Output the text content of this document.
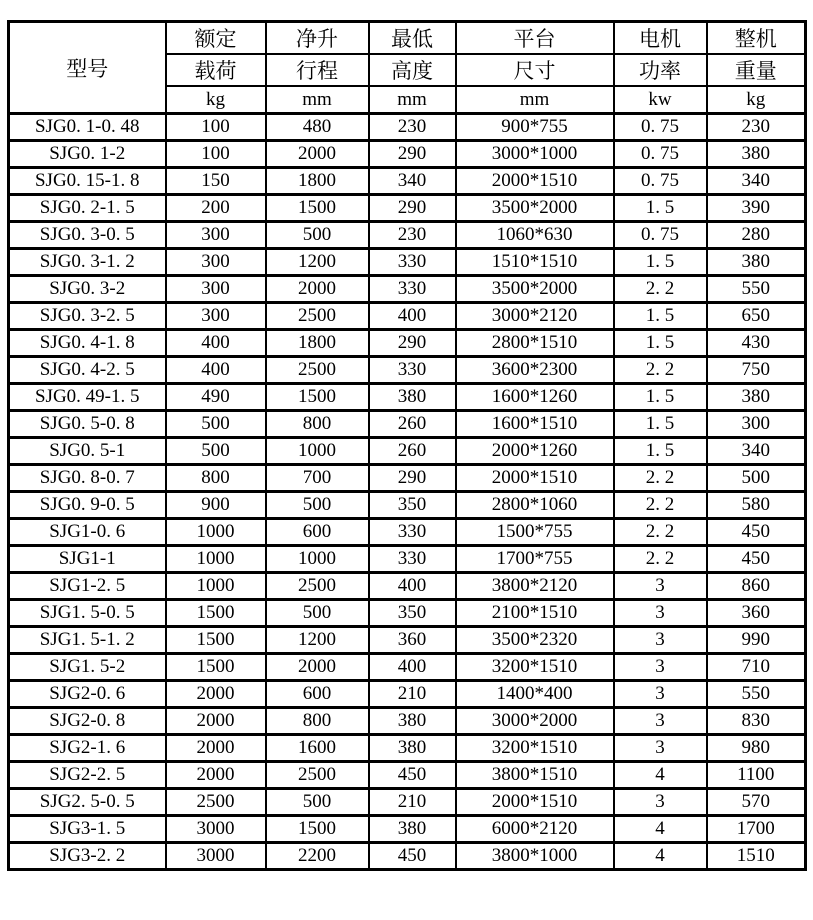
型号	额定	净升	最低	平台	电机	整机
	载荷	行程	高度	尺寸	功率	重量
	kg	mm	mm	mm	kw	kg
SJG0. 1-0. 48	100	480	230	900*755	0. 75	230
SJG0. 1-2	100	2000	290	3000*1000	0. 75	380
SJG0. 15-1. 8	150	1800	340	2000*1510	0. 75	340
SJG0. 2-1. 5	200	1500	290	3500*2000	1. 5	390
SJG0. 3-0. 5	300	500	230	1060*630	0. 75	280
SJG0. 3-1. 2	300	1200	330	1510*1510	1. 5	380
SJG0. 3-2	300	2000	330	3500*2000	2. 2	550
SJG0. 3-2. 5	300	2500	400	3000*2120	1. 5	650
SJG0. 4-1. 8	400	1800	290	2800*1510	1. 5	430
SJG0. 4-2. 5	400	2500	330	3600*2300	2. 2	750
SJG0. 49-1. 5	490	1500	380	1600*1260	1. 5	380
SJG0. 5-0. 8	500	800	260	1600*1510	1. 5	300
SJG0. 5-1	500	1000	260	2000*1260	1. 5	340
SJG0. 8-0. 7	800	700	290	2000*1510	2. 2	500
SJG0. 9-0. 5	900	500	350	2800*1060	2. 2	580
SJG1-0. 6	1000	600	330	1500*755	2. 2	450
SJG1-1	1000	1000	330	1700*755	2. 2	450
SJG1-2. 5	1000	2500	400	3800*2120	3	860
SJG1. 5-0. 5	1500	500	350	2100*1510	3	360
SJG1. 5-1. 2	1500	1200	360	3500*2320	3	990
SJG1. 5-2	1500	2000	400	3200*1510	3	710
SJG2-0. 6	2000	600	210	1400*400	3	550
SJG2-0. 8	2000	800	380	3000*2000	3	830
SJG2-1. 6	2000	1600	380	3200*1510	3	980
SJG2-2. 5	2000	2500	450	3800*1510	4	1100
SJG2. 5-0. 5	2500	500	210	2000*1510	3	570
SJG3-1. 5	3000	1500	380	6000*2120	4	1700
SJG3-2. 2	3000	2200	450	3800*1000	4	1510
